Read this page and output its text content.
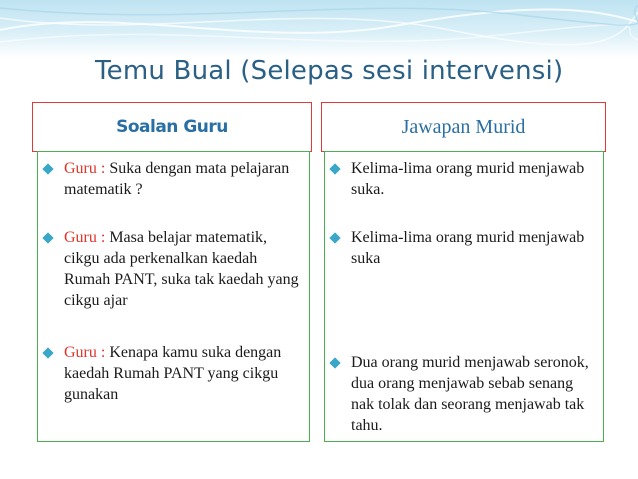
Temu Bual (Selepas sesi intervensi)
Soalan Guru	Jawapan Murid
Guru : Suka dengan mata pelajaran matematik ?
Guru : Masa belajar matematik, cikgu ada perkenalkan kaedah Rumah PANT, suka tak kaedah yang cikgu ajar
Guru : Kenapa kamu suka dengan kaedah Rumah PANT yang cikgu gunakan
Kelima-lima orang murid menjawab suka.
Kelima-lima orang murid menjawab suka
Dua orang murid menjawab seronok, dua orang menjawab sebab senang nak tolak dan seorang menjawab tak tahu.
